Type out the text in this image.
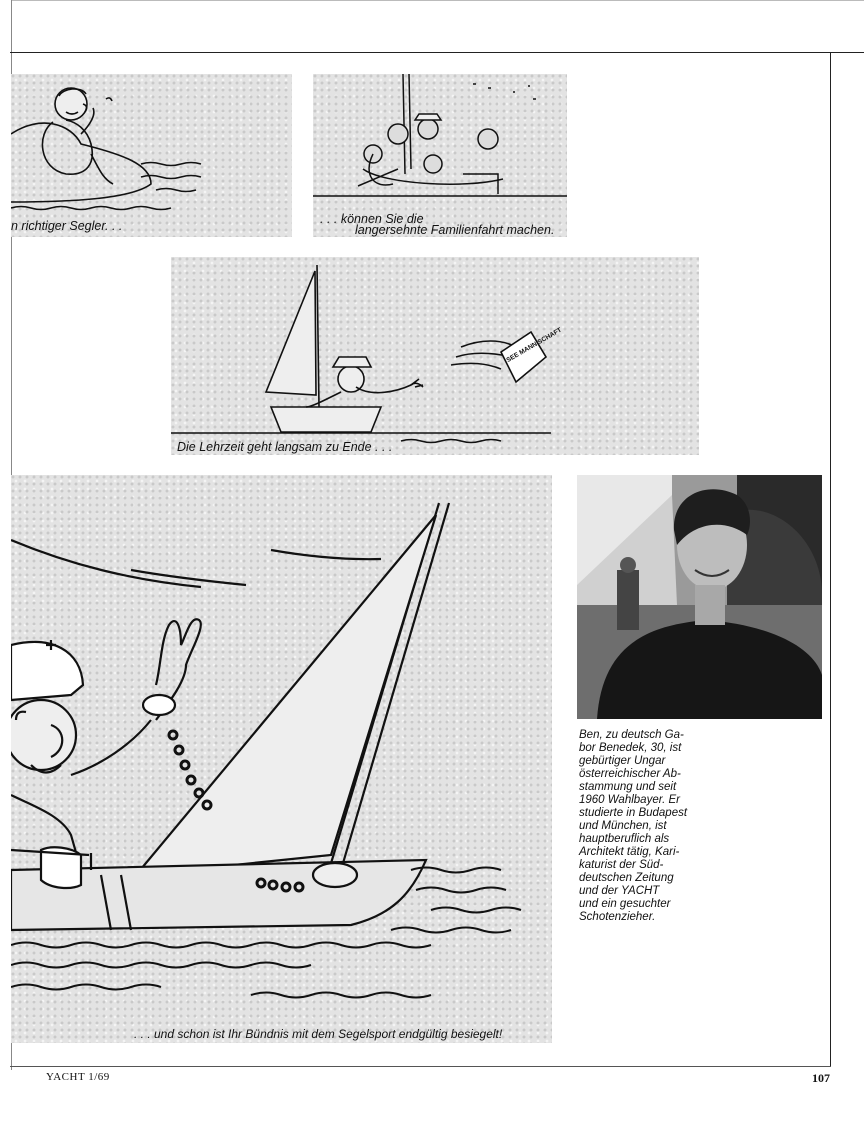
n richtiger Segler. . .	. . . können Sie die
langersehnte Familienfahrt machen.
SEE MANN SCHAFT
Die Lehrzeit geht langsam zu Ende . . .
. . . und schon ist Ihr Bündnis mit dem Segelsport endgültig besiegelt!
Ben, zu deutsch Ga-
bor Benedek, 30, ist
gebürtiger Ungar
österreichischer Ab-
stammung und seit
1960 Wahlbayer. Er
studierte in Budapest
und München, ist
hauptberuflich als
Architekt tätig, Kari-
katurist der Süd-
deutschen Zeitung
und der YACHT
und ein gesuchter
Schotenzieher.
YACHT 1/69	107
